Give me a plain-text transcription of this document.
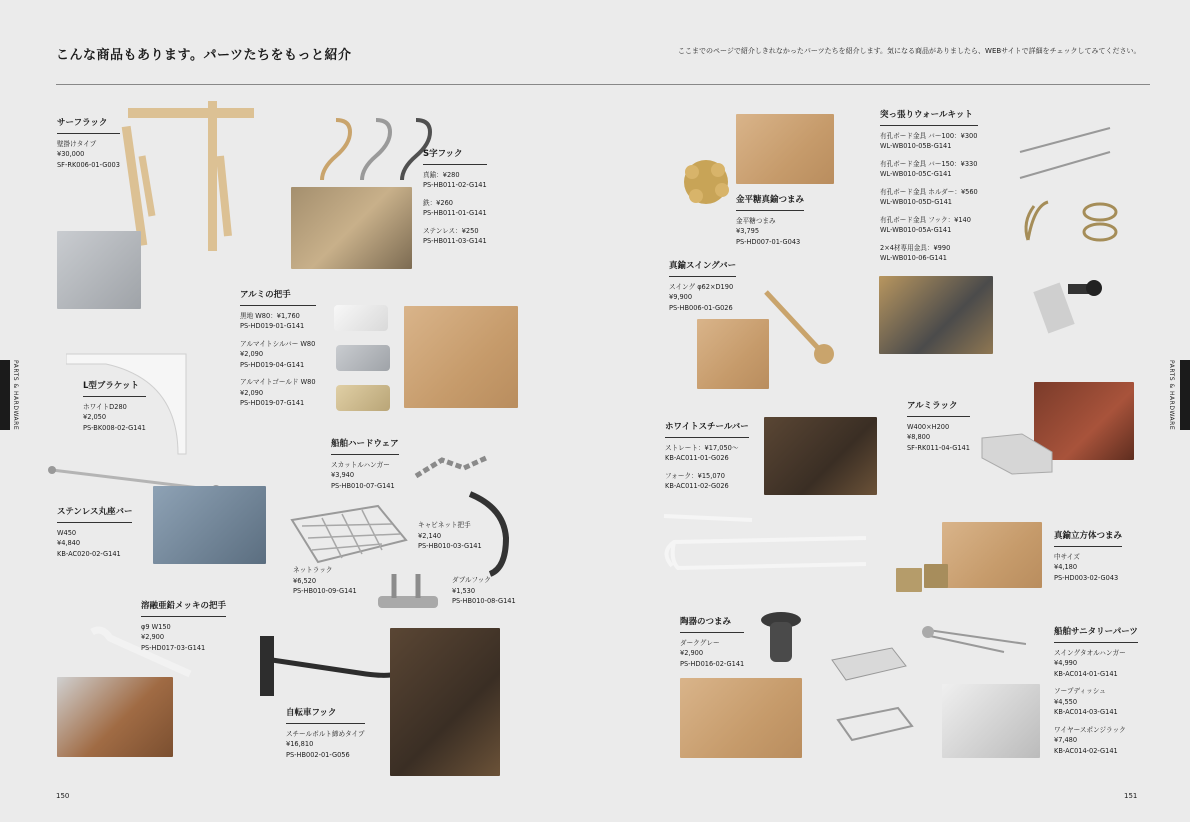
こんな商品もあります。パーツたちをもっと紹介	ここまでのページで紹介しきれなかったパーツたちを紹介します。気になる商品がありましたら、WEBサイトで詳細をチェックしてみてください。
PARTS & HARDWARE	PARTS & HARDWARE
150	151
サーフラック
壁掛けタイプ
¥30,000
SF-RK006-01-G003
S字フック
真鍮：¥280
PS-HB011-02-G141
鉄：¥260
PS-HB011-01-G141
ステンレス：¥250
PS-HB011-03-G141
アルミの把手
黒地 W80：¥1,760
PS-HD019-01-G141
アルマイトシルバー W80
¥2,090
PS-HD019-04-G141
アルマイトゴールド W80
¥2,090
PS-HD019-07-G141
L型ブラケット
ホワイトD280
¥2,050
PS-BK008-02-G141
ステンレス丸座バー
W450
¥4,840
KB-AC020-02-G141
船舶ハードウェア
スカットルハンガー
¥3,940
PS-HB010-07-G141
キャビネット把手
¥2,140
PS-HB010-03-G141
ネットラック
¥6,520
PS-HB010-09-G141
ダブルフック
¥1,530
PS-HB010-08-G141
溶融亜鉛メッキの把手
φ9 W150
¥2,900
PS-HD017-03-G141
自転車フック
スチールボルト締めタイプ
¥16,810
PS-HB002-01-G056
金平糖真鍮つまみ
金平糖つまみ
¥3,795
PS-HD007-01-G043
真鍮スイングバー
スイング φ62×D190
¥9,900
PS-HB006-01-G026
突っ張りウォールキット
有孔ボード金具 バー100：¥300
WL-WB010-05B-G141
有孔ボード金具 バー150：¥330
WL-WB010-05C-G141
有孔ボード金具 ホルダー：¥560
WL-WB010-05D-G141
有孔ボード金具 フック：¥140
WL-WB010-05A-G141
2×4材専用金具：¥990
WL-WB010-06-G141
アルミラック
W400×H200
¥8,800
SF-RK011-04-G141
ホワイトスチールバー
ストレート：¥17,050～
KB-AC011-01-G026
フォーク：¥15,070
KB-AC011-02-G026
真鍮立方体つまみ
中サイズ
¥4,180
PS-HD003-02-G043
陶器のつまみ
ダークグレー
¥2,900
PS-HD016-02-G141
船舶サニタリーパーツ
スイングタオルハンガー
¥4,990
KB-AC014-01-G141
ソープディッシュ
¥4,550
KB-AC014-03-G141
ワイヤースポンジラック
¥7,480
KB-AC014-02-G141
